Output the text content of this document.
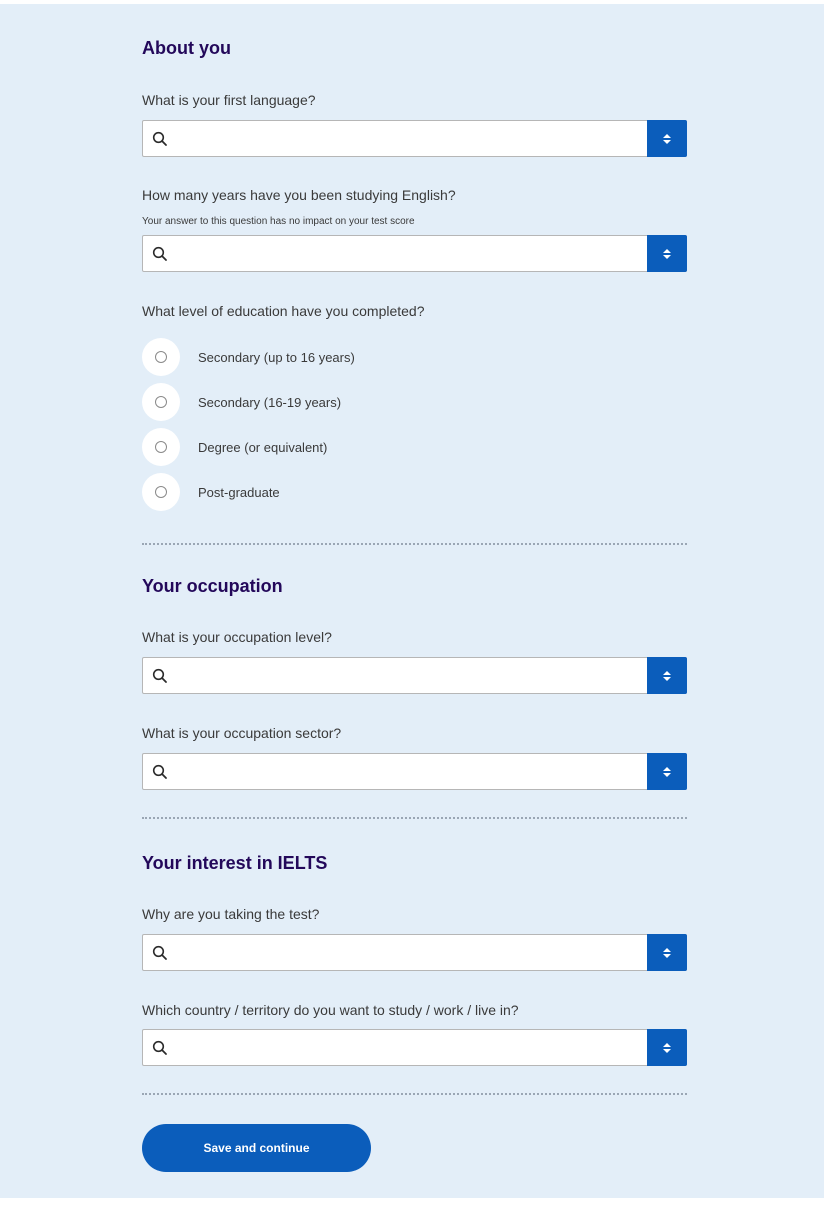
About you
What is your first language?
How many years have you been studying English?
Your answer to this question has no impact on your test score
What level of education have you completed?
Secondary (up to 16 years)
Secondary (16-19 years)
Degree (or equivalent)
Post-graduate
Your occupation
What is your occupation level?
What is your occupation sector?
Your interest in IELTS
Why are you taking the test?
Which country / territory do you want to study / work / live in?
Save and continue
